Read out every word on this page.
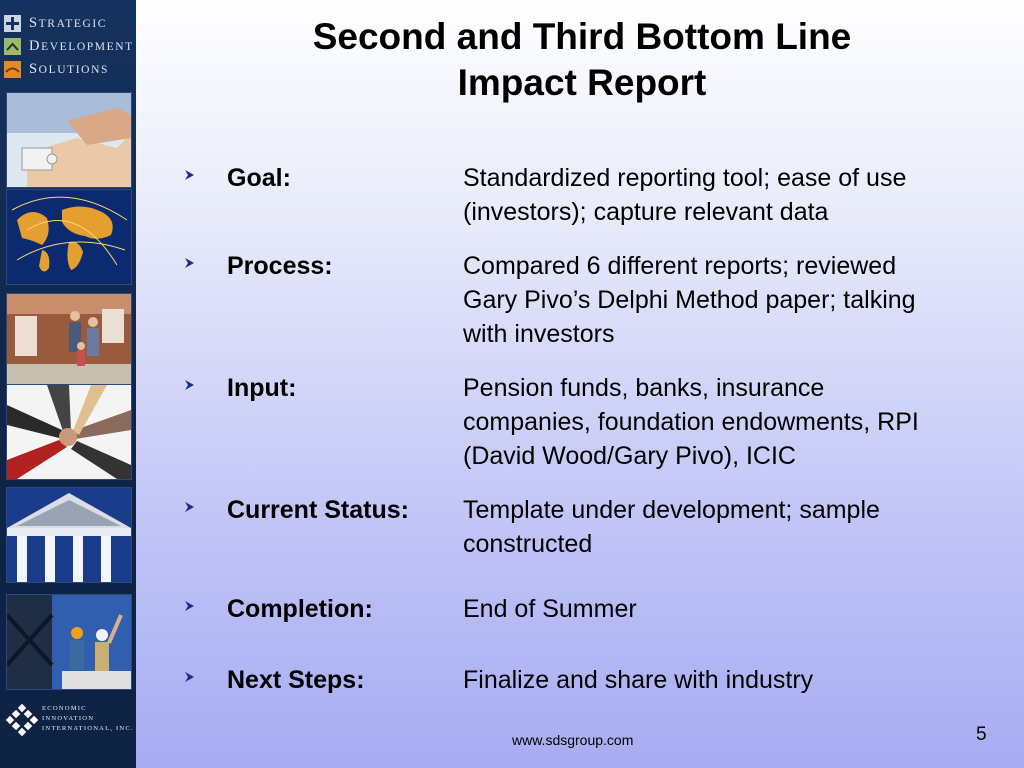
STRATEGIC
DEVELOPMENT
SOLUTIONS
ECONOMIC
INNOVATION
INTERNATIONAL, INC.
Second and Third Bottom Line
Impact Report
Goal:	Standardized reporting tool; ease of use
(investors); capture relevant data
Process:	Compared 6 different reports; reviewed
Gary Pivo’s Delphi Method paper; talking
with investors
Input:	Pension funds, banks, insurance
companies, foundation endowments, RPI
(David Wood/Gary Pivo), ICIC
Current Status: Template under development; sample
constructed
Completion:	End of Summer
Next Steps:	Finalize and share with industry
www.sdsgroup.com	5
